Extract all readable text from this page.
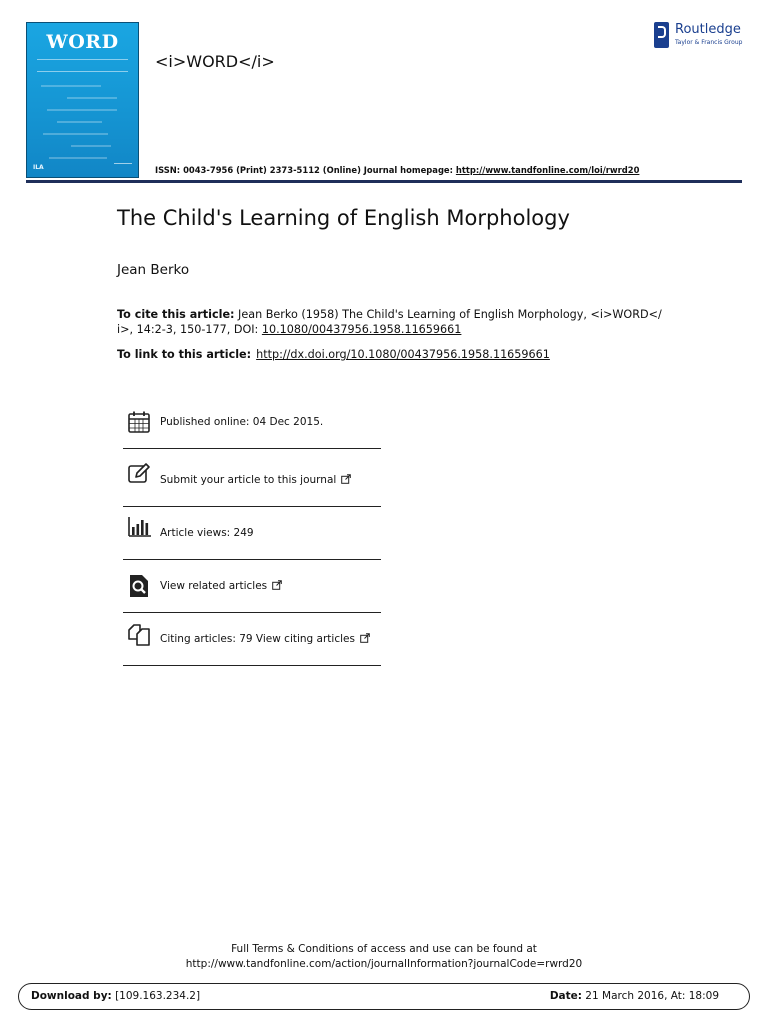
WORD
ILA
<i>WORD</i>
ISSN: 0043-7956 (Print) 2373-5112 (Online) Journal homepage: http://www.tandfonline.com/loi/rwrd20
Routledge
Taylor & Francis Group
The Child's Learning of English Morphology
Jean Berko
To cite this article: Jean Berko (1958) The Child's Learning of English Morphology, <i>WORD</ i>, 14:2-3, 150-177, DOI: 10.1080/00437956.1958.11659661
To link to this article: http://dx.doi.org/10.1080/00437956.1958.11659661
Published online: 04 Dec 2015.
Submit your article to this journal
Article views: 249
View related articles
Citing articles: 79 View citing articles
Full Terms & Conditions of access and use can be found at
http://www.tandfonline.com/action/journalInformation?journalCode=rwrd20
Download by: [109.163.234.2]	Date: 21 March 2016, At: 18:09
